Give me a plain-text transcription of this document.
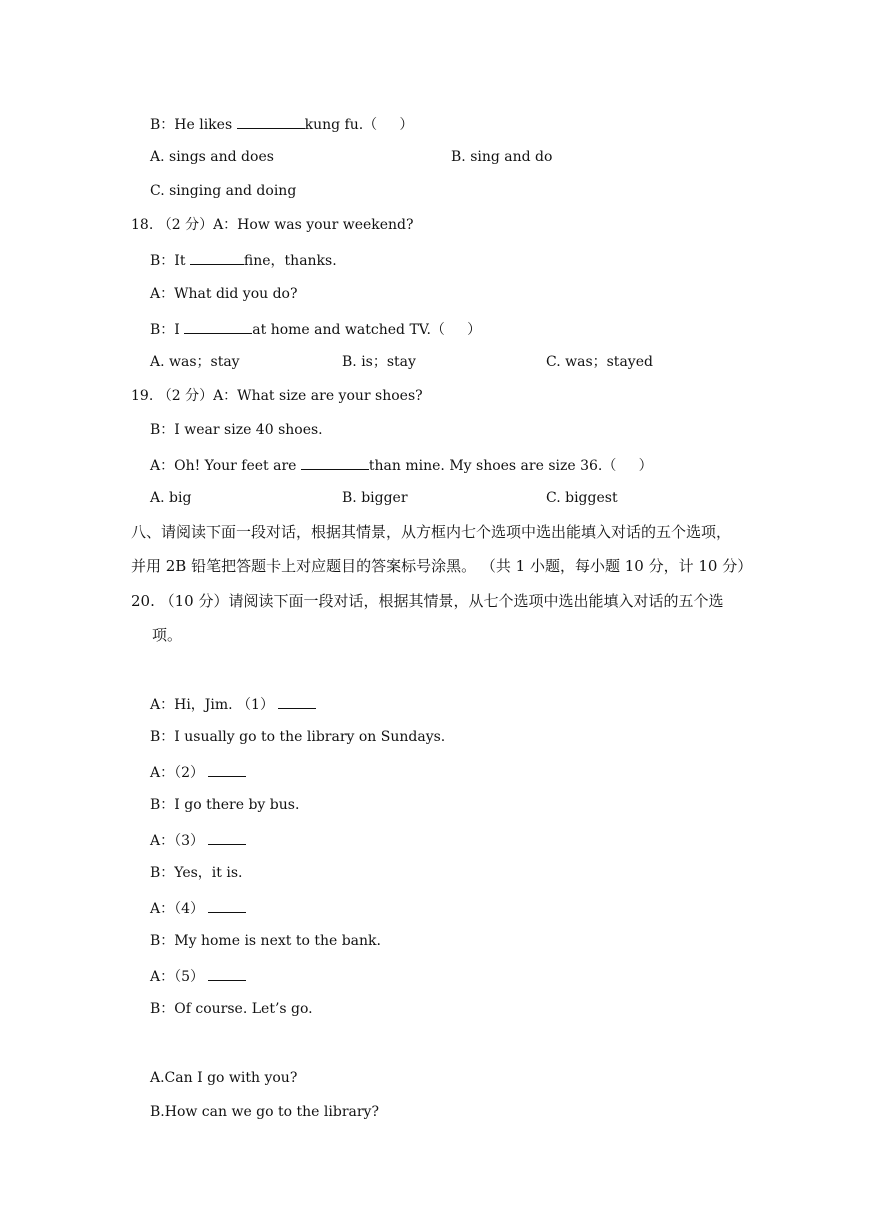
B：He likes	kung fu.（     ）
A. sings and does	B. sing and do
C. singing and doing
18. （2 分）A：How was your weekend?
B：It	fine，thanks.
A：What did you do?
B：I	at home and watched TV.（     ）
A. was；stay	B. is；stay	C. was；stayed
19. （2 分）A：What size are your shoes?
B：I wear size 40 shoes.
A：Oh! Your feet are	than mine. My shoes are size 36.（     ）
A. big	B. bigger	C. biggest
八、请阅读下面一段对话，根据其情景，从方框内七个选项中选出能填入对话的五个选项，
并用 2B 铅笔把答题卡上对应题目的答案标号涂黑。 （共 1 小题，每小题 10 分，计 10 分）
20. （10 分）请阅读下面一段对话，根据其情景，从七个选项中选出能填入对话的五个选
项。
A：Hi，Jim. （1）
B：I usually go to the library on Sundays.
A：（2）
B：I go there by bus.
A：（3）
B：Yes，it is.
A：（4）
B：My home is next to the bank.
A：（5）
B：Of course. Let’s go.
A.Can I go with you?
B.How can we go to the library?
